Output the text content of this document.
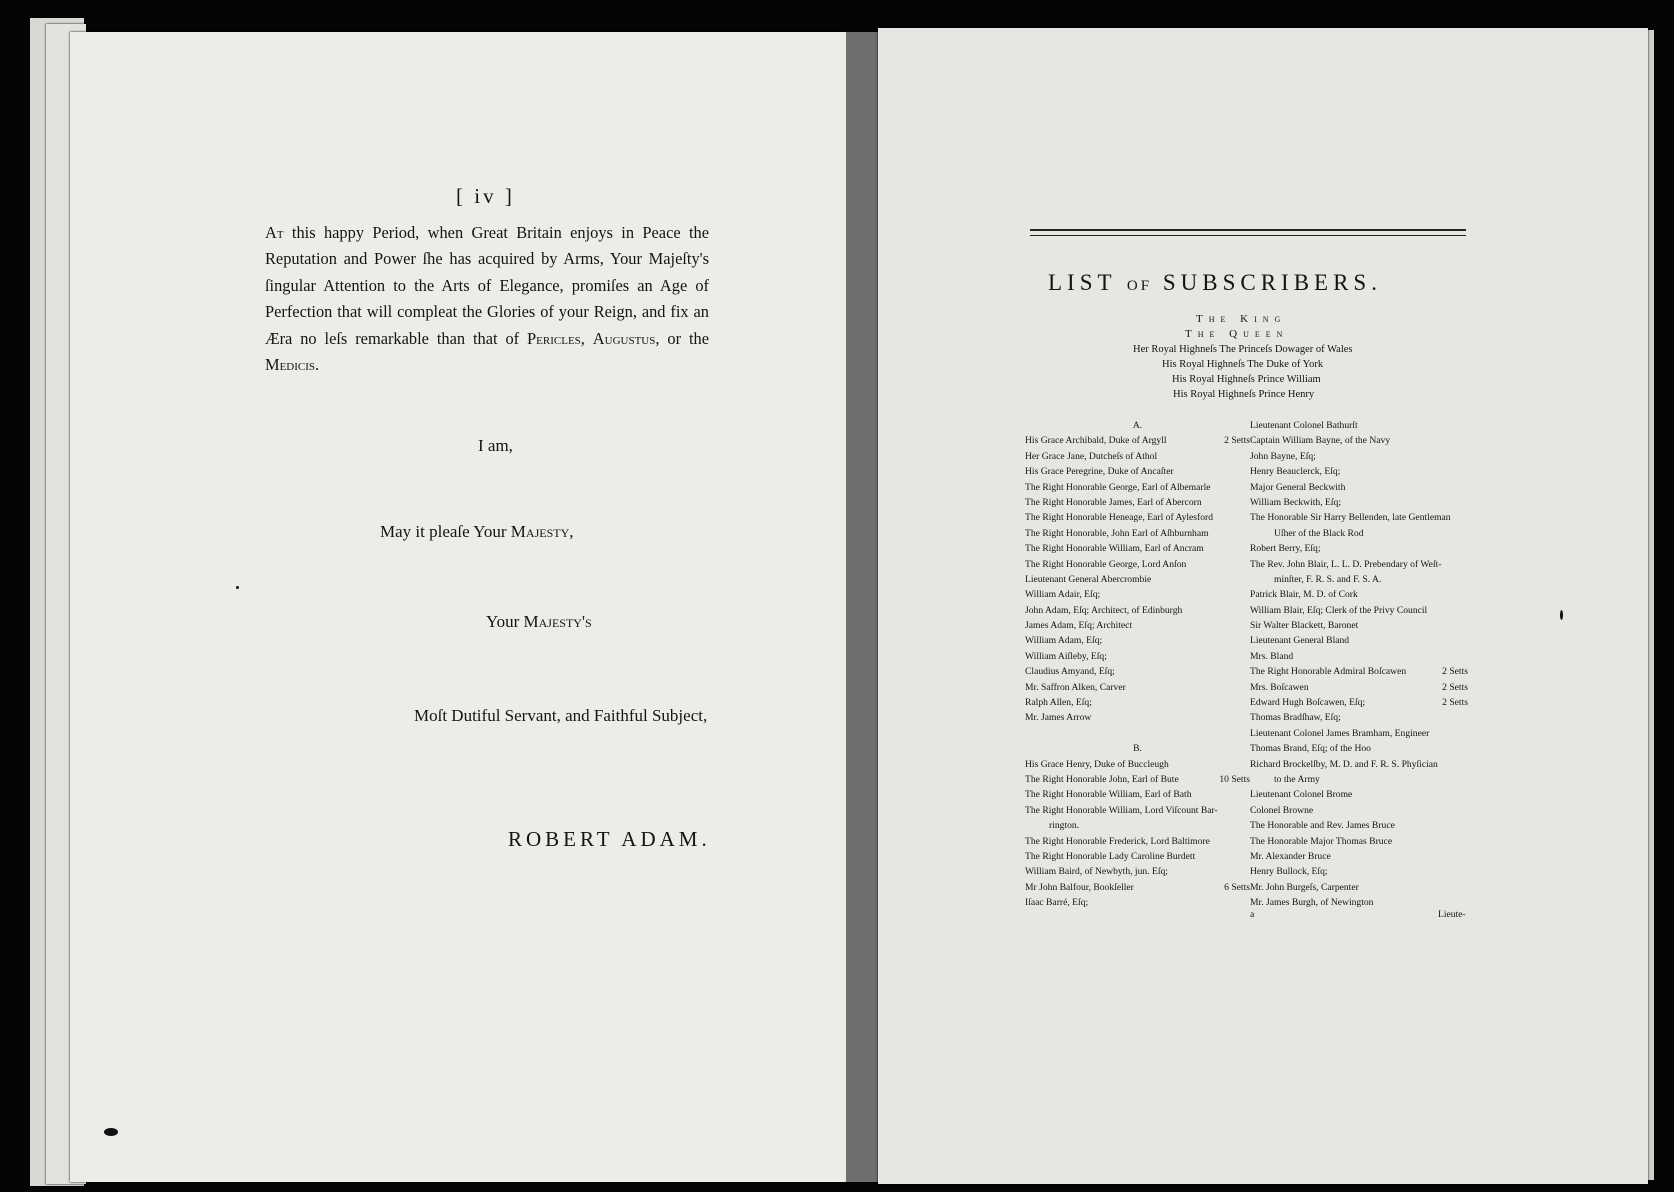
[ iv ]
At this happy Period, when Great Britain enjoys in Peace the Reputation and Power ſhe has acquired by Arms, Your Majeſty's ſingular Attention to the Arts of Elegance, promiſes an Age of Perfection that will compleat the Glories of your Reign, and fix an Æra no leſs remarkable than that of Pericles, Augustus, or the Medicis.
I am,
May it pleaſe Your Majesty,
Your Majesty's
Moſt Dutiful Servant, and Faithful Subject,
ROBERT ADAM.
LIST OF SUBSCRIBERS.
The King
The Queen
Her Royal Highneſs The Princeſs Dowager of Wales
His Royal Highneſs The Duke of York
His Royal Highneſs Prince William
His Royal Highneſs Prince Henry
A.
His Grace Archibald, Duke of Argyll	2 Setts
Her Grace Jane, Dutcheſs of Athol
His Grace Peregrine, Duke of Ancaſter
The Right Honorable George, Earl of Albemarle
The Right Honorable James, Earl of Abercorn
The Right Honorable Heneage, Earl of Aylesford
The Right Honorable, John Earl of Aſhburnham
The Right Honorable William, Earl of Ancram
The Right Honorable George, Lord Anſon
Lieutenant General Abercrombie
William Adair, Eſq;
John Adam, Eſq; Architect, of Edinburgh
James Adam, Eſq; Architect
William Adam, Eſq;
William Aiſleby, Eſq;
Claudius Amyand, Eſq;
Mr. Saffron Alken, Carver
Ralph Allen, Eſq;
Mr. James Arrow
B.
His Grace Henry, Duke of Buccleugh
The Right Honorable John, Earl of Bute	10 Setts
The Right Honorable William, Earl of Bath
The Right Honorable William, Lord Viſcount Bar-
rington.
The Right Honorable Frederick, Lord Baltimore
The Right Honorable Lady Caroline Burdett
William Baird, of Newbyth, jun. Eſq;
Mr John Balfour, Bookſeller	6 Setts
Iſaac Barré, Eſq;
Lieutenant Colonel Bathurſt
Captain William Bayne, of the Navy
John Bayne, Eſq;
Henry Beauclerck, Eſq;
Major General Beckwith
William Beckwith, Eſq;
The Honorable Sir Harry Bellenden, late Gentleman
Uſher of the Black Rod
Robert Berry, Eſq;
The Rev. John Blair, L. L. D. Prebendary of Weſt-
minſter, F. R. S. and F. S. A.
Patrick Blair, M. D. of Cork
William Blair, Eſq; Clerk of the Privy Council
Sir Walter Blackett, Baronet
Lieutenant General Bland
Mrs. Bland
The Right Honorable Admiral Boſcawen	2 Setts
Mrs. Boſcawen	2 Setts
Edward Hugh Boſcawen, Eſq;	2 Setts
Thomas Bradſhaw, Eſq;
Lieutenant Colonel James Bramham, Engineer
Thomas Brand, Eſq; of the Hoo
Richard Brockelſby, M. D. and F. R. S. Phyſician
to the Army
Lieutenant Colonel Brome
Colonel Browne
The Honorable and Rev. James Bruce
The Honorable Major Thomas Bruce
Mr. Alexander Bruce
Henry Bullock, Eſq;
Mr. John Burgeſs, Carpenter
Mr. James Burgh, of Newington
a	Lieute-
